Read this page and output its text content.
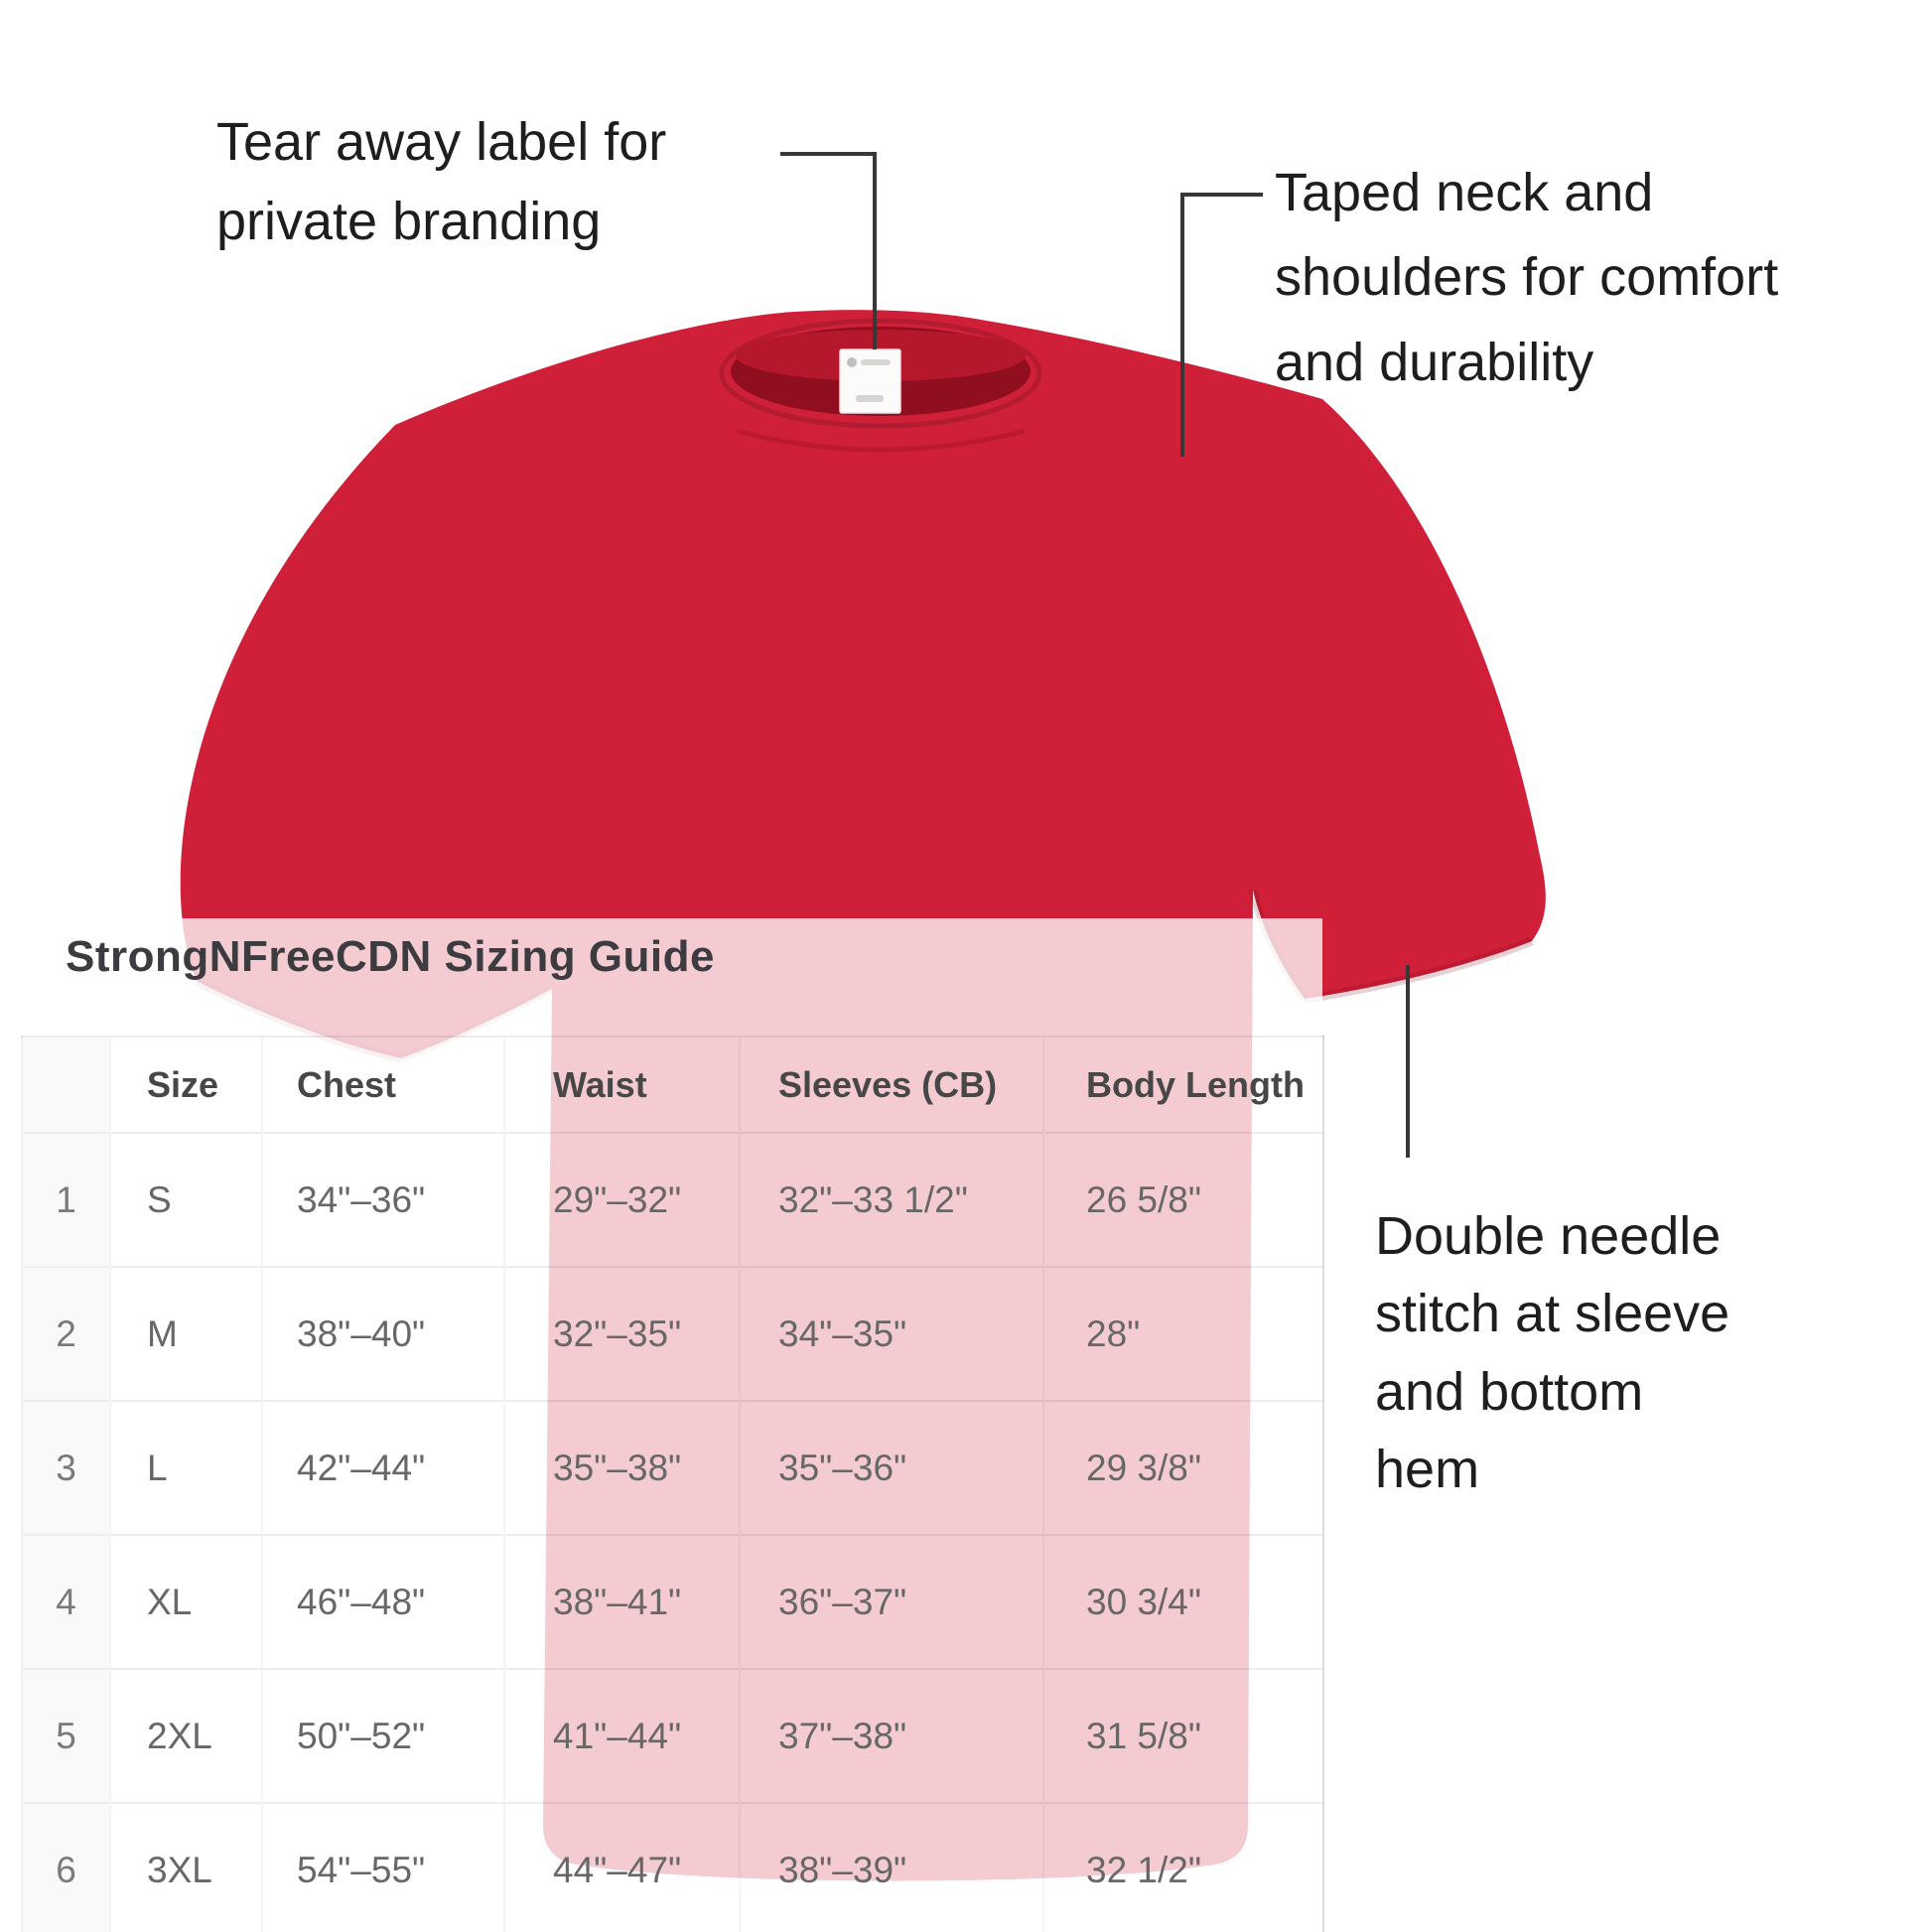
Tear away label for
private branding	Taped neck and
shoulders for comfort
and durability
Double needle
stitch at sleeve
and bottom
hem
StrongNFreeCDN Sizing Guide
	Size	Chest	Waist	Sleeves (CB)	Body Length
1	S	34"–36"	29"–32"	32"–33 1/2"	26 5/8"
2	M	38"–40"	32"–35"	34"–35"	28"
3	L	42"–44"	35"–38"	35"–36"	29 3/8"
4	XL	46"–48"	38"–41"	36"–37"	30 3/4"
5	2XL	50"–52"	41"–44"	37"–38"	31 5/8"
6	3XL	54"–55"	44"–47"	38"–39"	32 1/2"
